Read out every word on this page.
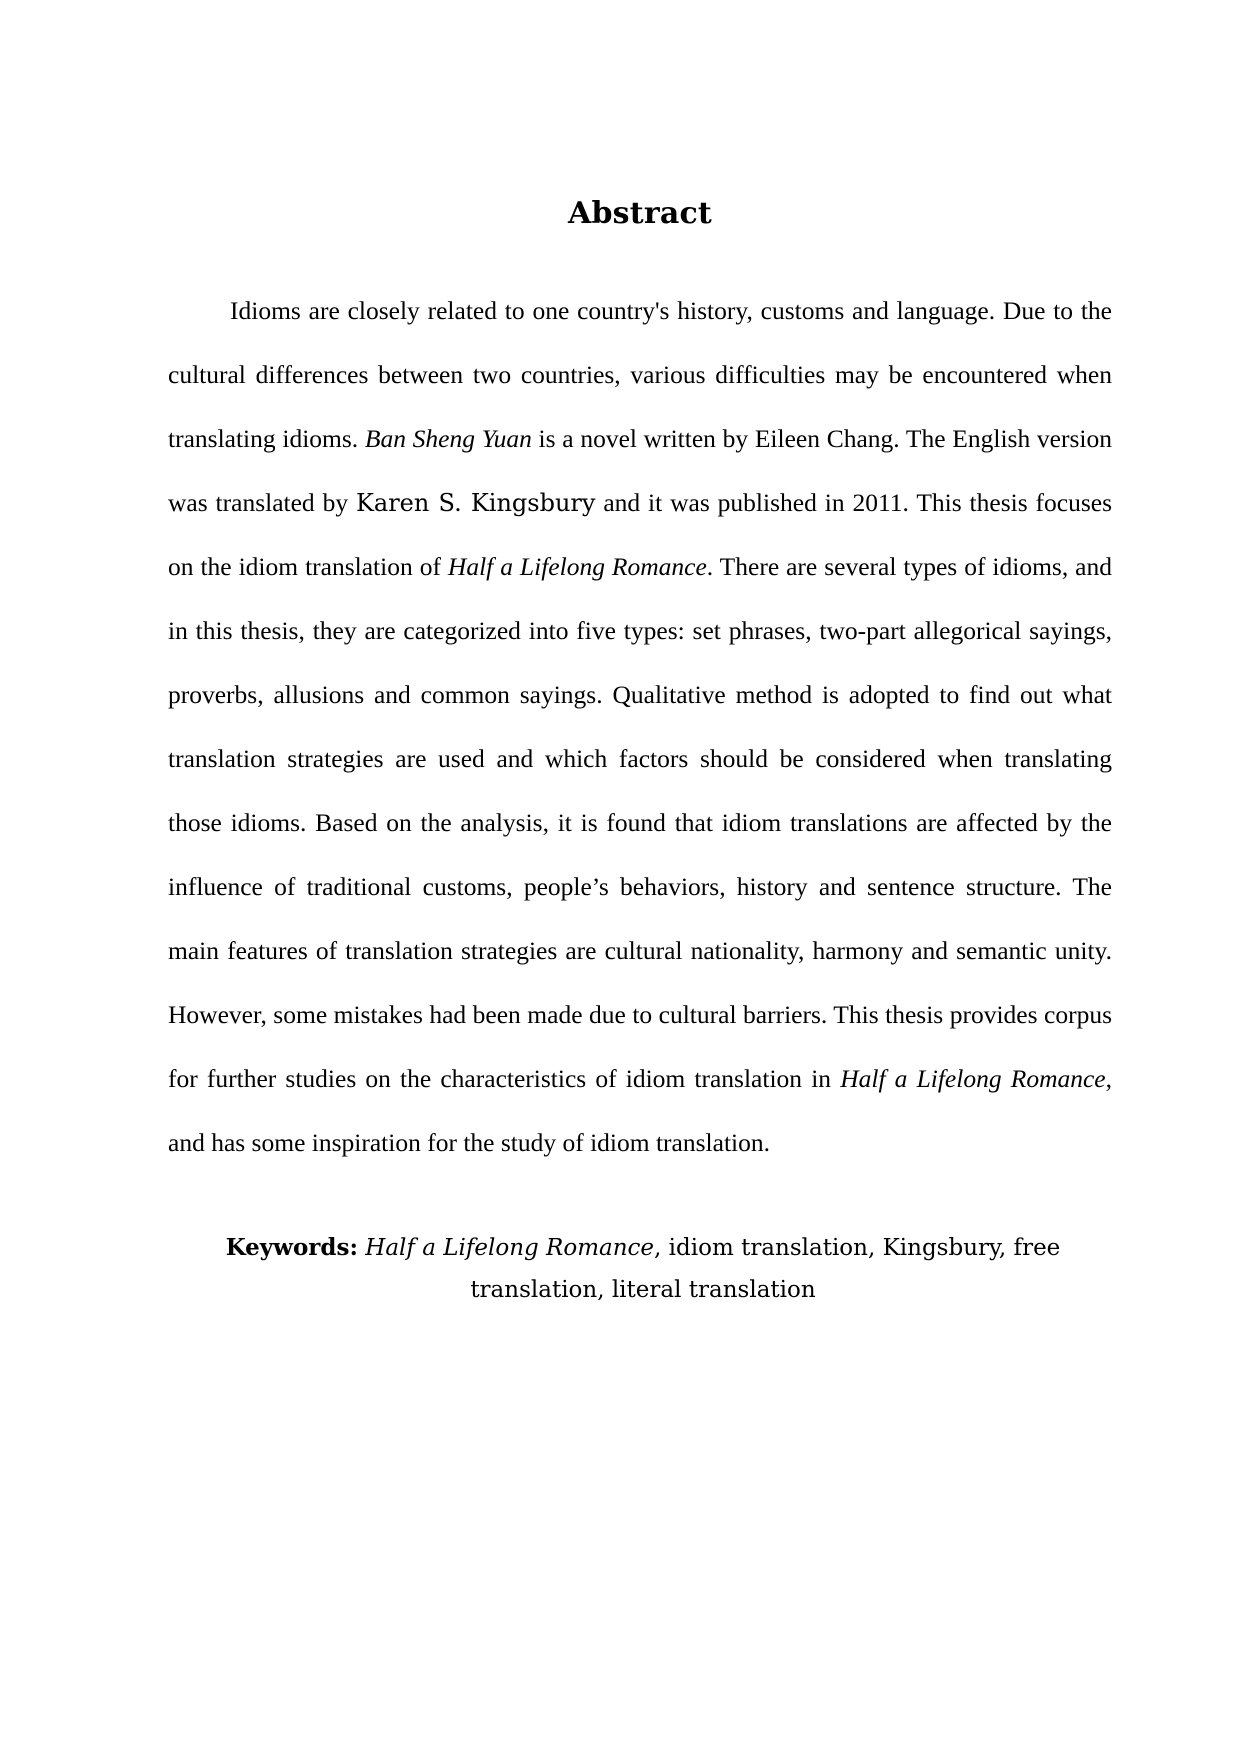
Abstract

Idioms are closely related to one country's history, customs and language. Due to the cultural differences between two countries, various difficulties may be encountered when translating idioms. Ban Sheng Yuan is a novel written by Eileen Chang. The English version was translated by Karen S. Kingsbury and it was published in 2011. This thesis focuses on the idiom translation of Half a Lifelong Romance. There are several types of idioms, and in this thesis, they are categorized into five types: set phrases, two-part allegorical sayings, proverbs, allusions and common sayings. Qualitative method is adopted to find out what translation strategies are used and which factors should be considered when translating those idioms. Based on the analysis, it is found that idiom translations are affected by the influence of traditional customs, people’s behaviors, history and sentence structure. The main features of translation strategies are cultural nationality, harmony and semantic unity. However, some mistakes had been made due to cultural barriers. This thesis provides corpus for further studies on the characteristics of idiom translation in Half a Lifelong Romance, and has some inspiration for the study of idiom translation.

Keywords: Half a Lifelong Romance, idiom translation, Kingsbury, free translation, literal translation
